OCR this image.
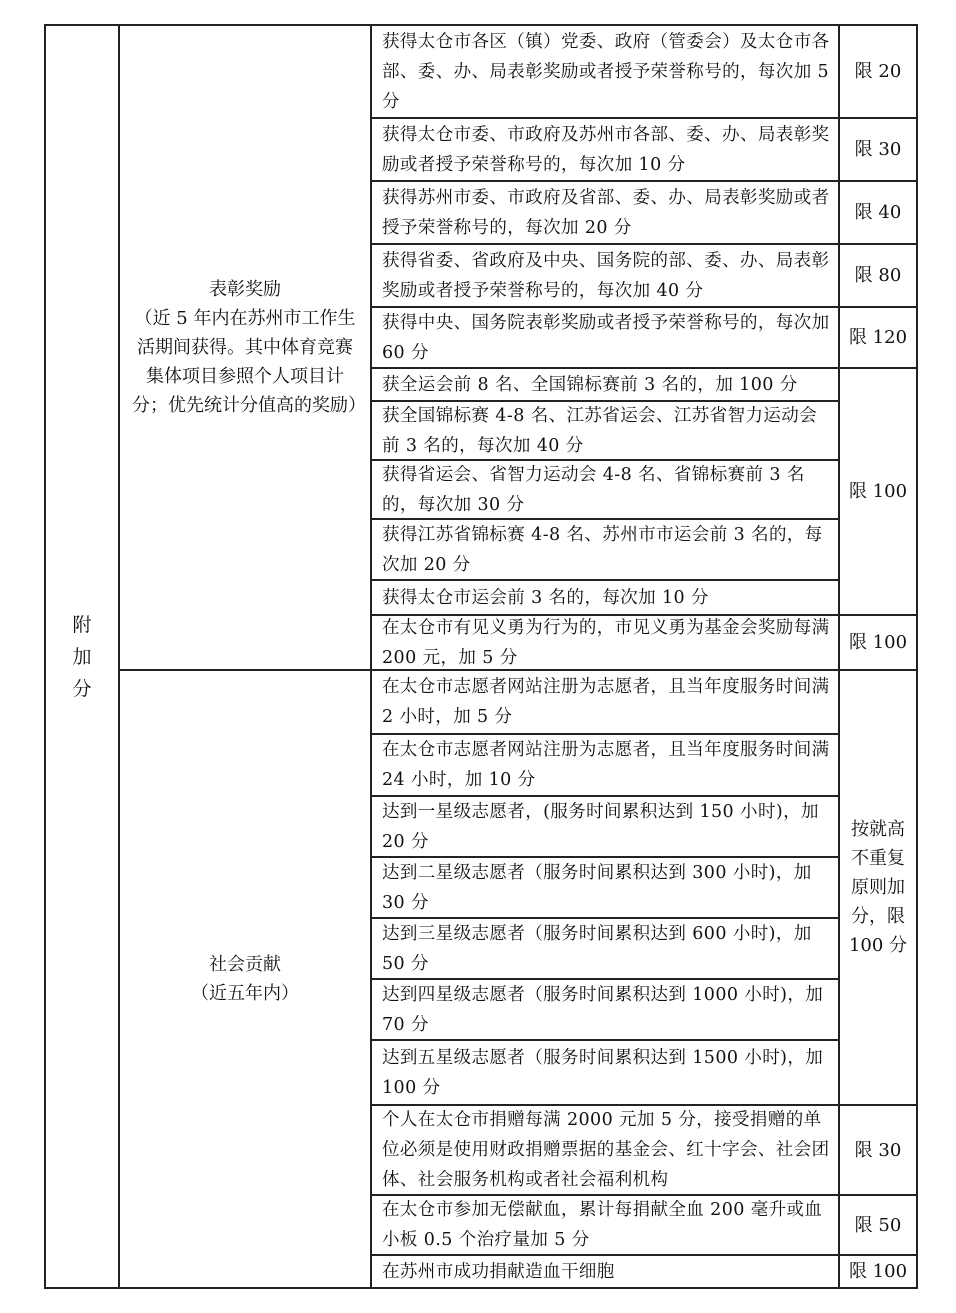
附
加
分
表彰奖励
（近 5 年内在苏州市工作生活期间获得。其中体育竞赛集体项目参照个人项目计分；优先统计分值高的奖励）
社会贡献
（近五年内）
获得太仓市各区（镇）党委、政府（管委会）及太仓市各部、委、办、局表彰奖励或者授予荣誉称号的，每次加 5 分
获得太仓市委、市政府及苏州市各部、委、办、局表彰奖励或者授予荣誉称号的，每次加 10 分
获得苏州市委、市政府及省部、委、办、局表彰奖励或者授予荣誉称号的，每次加 20 分
获得省委、省政府及中央、国务院的部、委、办、局表彰奖励或者授予荣誉称号的，每次加 40 分
获得中央、国务院表彰奖励或者授予荣誉称号的，每次加 60 分
获全运会前 8 名、全国锦标赛前 3 名的，加 100 分
获全国锦标赛 4-8 名、江苏省运会、江苏省智力运动会前 3 名的，每次加 40 分
获得省运会、省智力运动会 4-8 名、省锦标赛前 3 名的，每次加 30 分
获得江苏省锦标赛 4-8 名、苏州市市运会前 3 名的，每次加 20 分
获得太仓市运会前 3 名的，每次加 10 分
在太仓市有见义勇为行为的，市见义勇为基金会奖励每满 200 元，加 5 分
在太仓市志愿者网站注册为志愿者，且当年度服务时间满 2 小时，加 5 分
在太仓市志愿者网站注册为志愿者，且当年度服务时间满 24 小时，加 10 分
达到一星级志愿者，(服务时间累积达到 150 小时)，加 20 分
达到二星级志愿者（服务时间累积达到 300 小时)，加 30 分
达到三星级志愿者（服务时间累积达到 600 小时)，加 50 分
达到四星级志愿者（服务时间累积达到 1000 小时)，加 70 分
达到五星级志愿者（服务时间累积达到 1500 小时)，加 100 分
个人在太仓市捐赠每满 2000 元加 5 分，接受捐赠的单位必须是使用财政捐赠票据的基金会、红十字会、社会团体、社会服务机构或者社会福利机构
在太仓市参加无偿献血，累计每捐献全血 200 毫升或血小板 0.5 个治疗量加 5 分
在苏州市成功捐献造血干细胞
限 20
限 30
限 40
限 80
限 120
限 100
限 100
按就高
不重复
原则加
分，限
100 分
限 30
限 50
限 100
